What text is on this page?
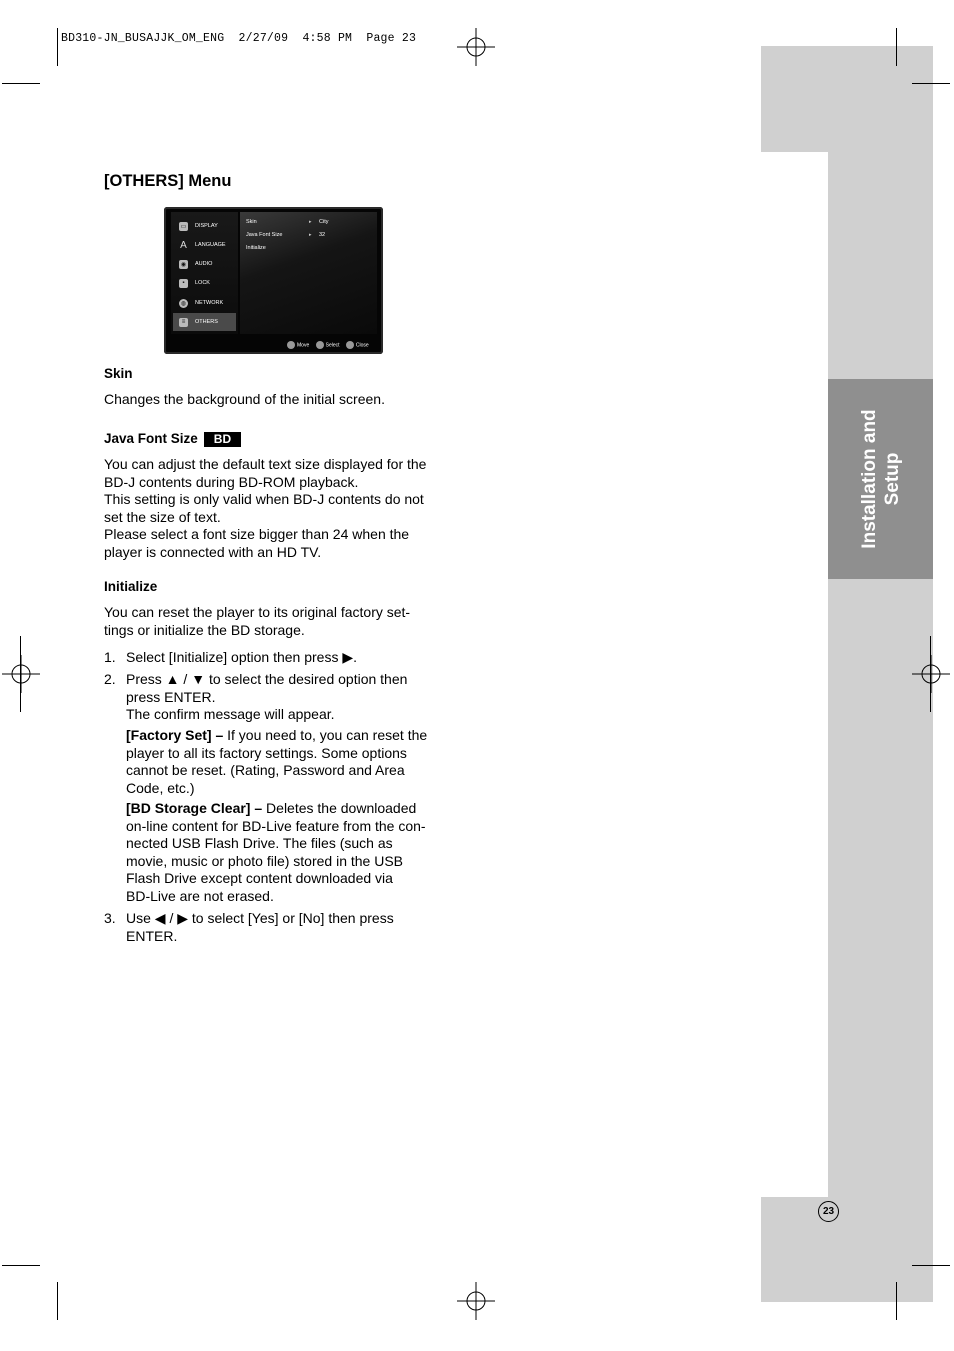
Installation and Setup
23
BD310-JN_BUSAJJK_OM_ENG  2/27/09  4:58 PM  Page 23
[OTHERS] Menu
▭	DISPLAY
A LANGUAGE
◉	AUDIO
▪	LOCK
◍	NETWORK
≡	OTHERS
Skin	▸ City
Java Font Size	▸ 32
Initialize
Move	Select	Close
Skin
Changes the background of the initial screen.
Java Font Size BD
You can adjust the default text size displayed for the
BD-J contents during BD-ROM playback.
This setting is only valid when BD-J contents do not
set the size of text.
Please select a font size bigger than 24 when the
player is connected with an HD TV.
Initialize
You can reset the player to its original factory set-
tings or initialize the BD storage.
1. Select [Initialize] option then press ▶.
2. Press ▲ / ▼ to select the desired option then
press ENTER.
The confirm message will appear.
[Factory Set] – If you need to, you can reset the
player to all its factory settings. Some options
cannot be reset. (Rating, Password and Area
Code, etc.)
[BD Storage Clear] – Deletes the downloaded
on-line content for BD-Live feature from the con-
nected USB Flash Drive. The files (such as
movie, music or photo file) stored in the USB
Flash Drive except content downloaded via
BD-Live are not erased.
3. Use ◀ / ▶ to select [Yes] or [No] then press
ENTER.
